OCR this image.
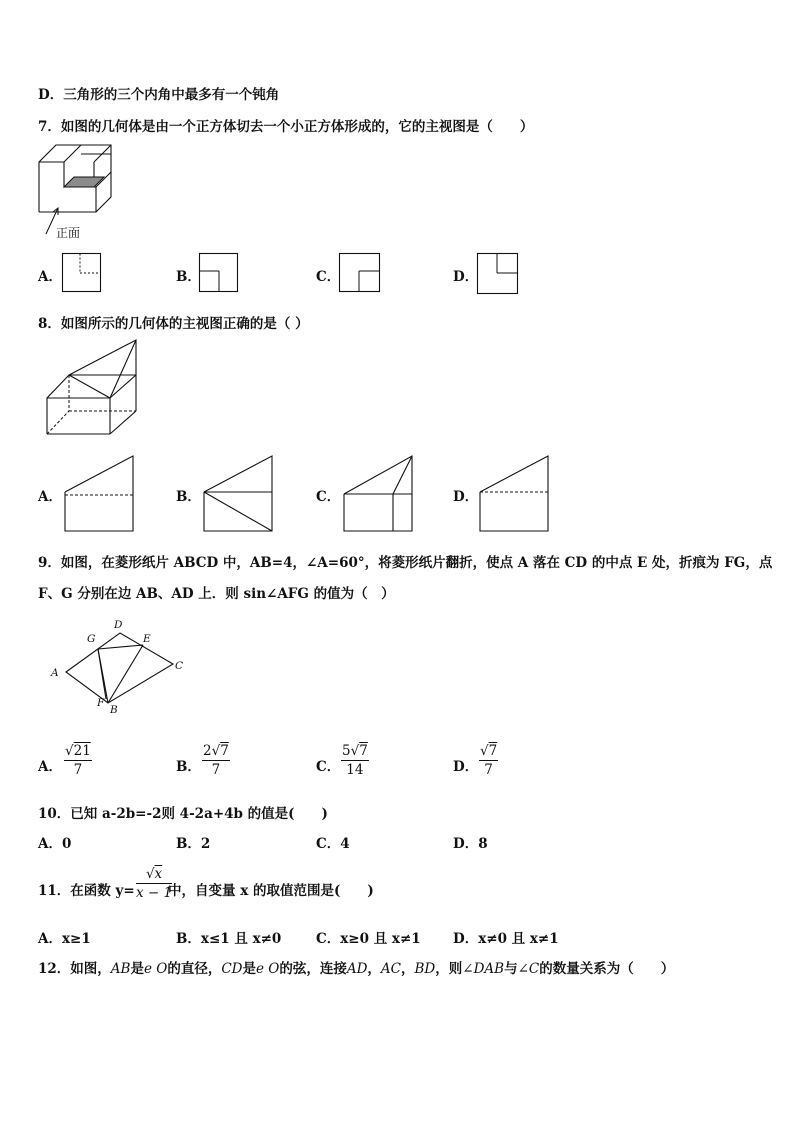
D．三角形的三个内角中最多有一个钝角
7．如图的几何体是由一个正方体切去一个小正方体形成的，它的主视图是（　　）
正面
A．	B．	C．	D．
8．如图所示的几何体的主视图正确的是（ ）
A．	B．	C．	D．
9．如图，在菱形纸片 ABCD 中，AB=4，∠A=60°，将菱形纸片翻折，使点 A 落在 CD 的中点 E 处，折痕为 FG，点
F、G 分别在边 AB、AD 上．则 sin∠AFG 的值为（　）
D
G	E
A
C
F
B
A． $\frac{√21}{7}$	B． $\frac{2√7}{7}$	C． $\frac{5√7}{14}$	D． $\frac{√7}{7}$
10．已知 a-2b=-2则 4-2a+4b 的值是(　　)
A．0	B．2	C．4	D．8
11．在函数 $y= \frac{√x}{x - 1}$
中，自变量 x 的取值范围是(　　)
A．x≥1	B．x≤1 且 x≠0	C．x≥0 且 x≠1 D．x≠0 且 x≠1
12．如图，AB是e O的直径，CD是e O的弦，连接AD，AC，BD，则∠DAB与∠C的数量关系为（　　）
